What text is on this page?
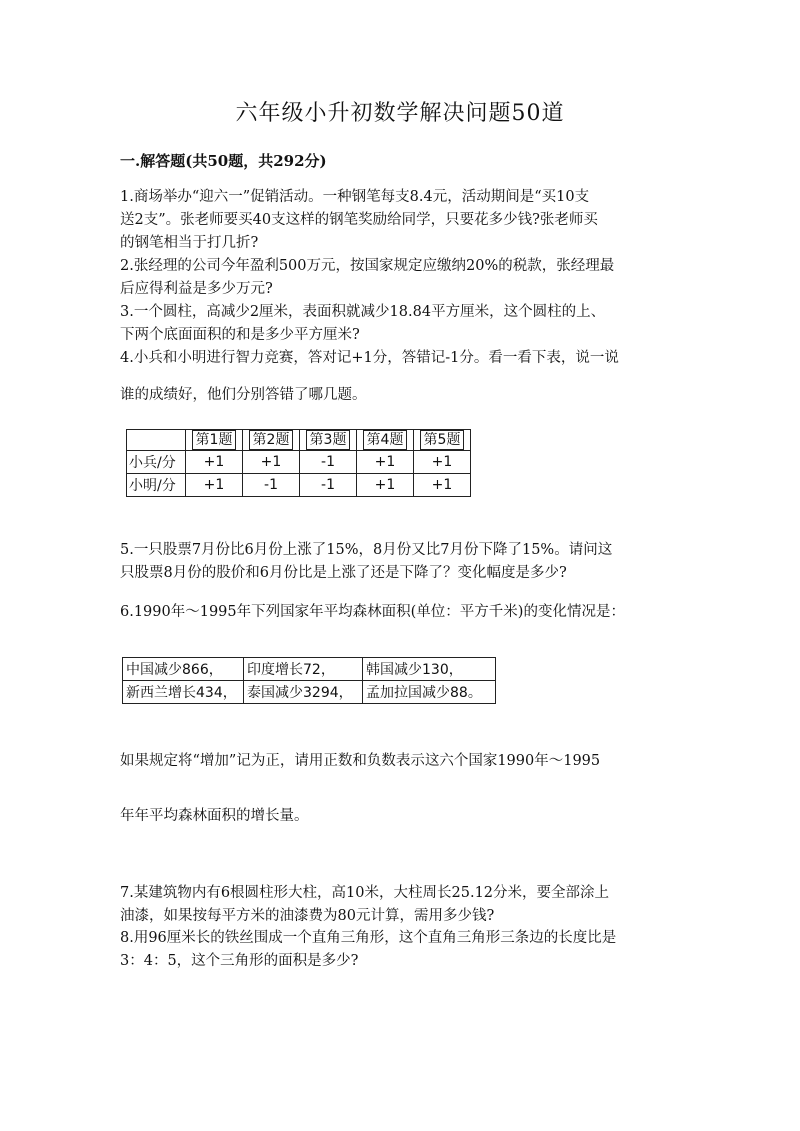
六年级小升初数学解决问题50道
一.解答题(共50题，共292分)
1.商场举办“迎六一”促销活动。一种钢笔每支8.4元，活动期间是“买10支
送2支”。张老师要买40支这样的钢笔奖励给同学，只要花多少钱?张老师买
的钢笔相当于打几折?
2.张经理的公司今年盈利500万元，按国家规定应缴纳20%的税款，张经理最
后应得利益是多少万元?
3.一个圆柱，高减少2厘米，表面积就减少18.84平方厘米，这个圆柱的上、
下两个底面面积的和是多少平方厘米?
4.小兵和小明进行智力竞赛，答对记+1分，答错记-1分。看一看下表，说一说
谁的成绩好，他们分别答错了哪几题。
	第1题	第2题	第3题	第4题	第5题
小兵/分	+1	+1	-1	+1	+1
小明/分	+1	-1	-1	+1	+1
5.一只股票7月份比6月份上涨了15%，8月份又比7月份下降了15%。请问这
只股票8月份的股价和6月份比是上涨了还是下降了？变化幅度是多少?
6.1990年～1995年下列国家年平均森林面积(单位：平方千米)的变化情况是：
中国减少866，	印度增长72，	韩国减少130，
新西兰增长434，	泰国减少3294，	孟加拉国减少88。
如果规定将“增加”记为正，请用正数和负数表示这六个国家1990年～1995
年年平均森林面积的增长量。
7.某建筑物内有6根圆柱形大柱，高10米，大柱周长25.12分米，要全部涂上
油漆，如果按每平方米的油漆费为80元计算，需用多少钱?
8.用96厘米长的铁丝围成一个直角三角形，这个直角三角形三条边的长度比是
3：4：5，这个三角形的面积是多少?
